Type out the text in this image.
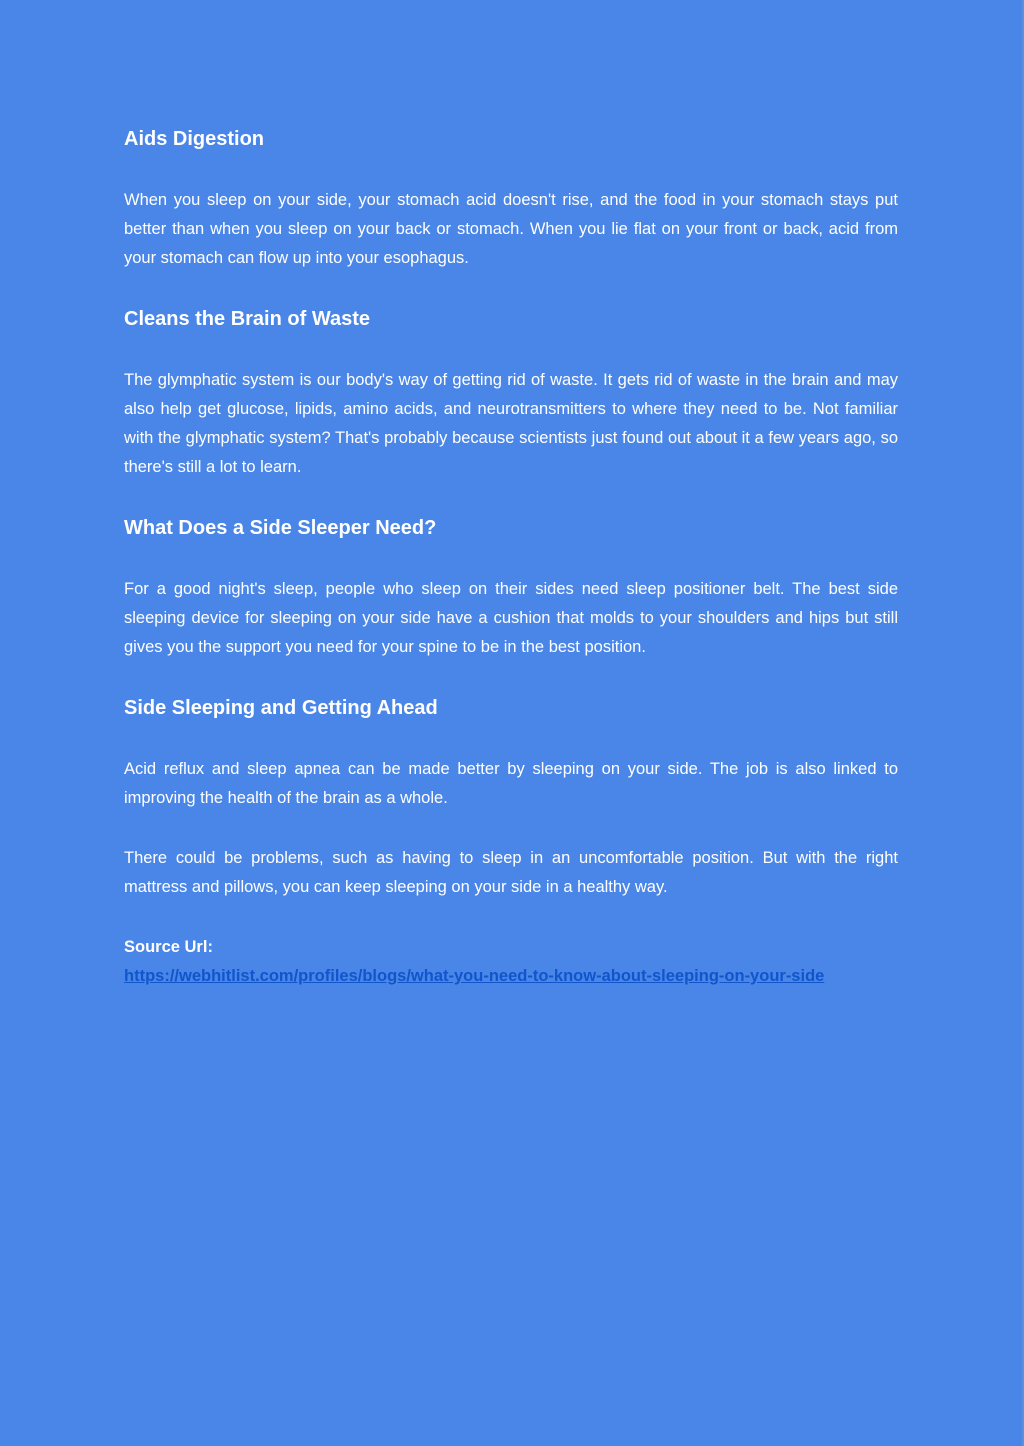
Aids Digestion

When you sleep on your side, your stomach acid doesn't rise, and the food in your stomach stays put better than when you sleep on your back or stomach. When you lie flat on your front or back, acid from your stomach can flow up into your esophagus.

Cleans the Brain of Waste

The glymphatic system is our body's way of getting rid of waste. It gets rid of waste in the brain and may also help get glucose, lipids, amino acids, and neurotransmitters to where they need to be. Not familiar with the glymphatic system? That's probably because scientists just found out about it a few years ago, so there's still a lot to learn.

What Does a Side Sleeper Need?

For a good night's sleep, people who sleep on their sides need sleep positioner belt. The best side sleeping device for sleeping on your side have a cushion that molds to your shoulders and hips but still gives you the support you need for your spine to be in the best position.

Side Sleeping and Getting Ahead

Acid reflux and sleep apnea can be made better by sleeping on your side. The job is also linked to improving the health of the brain as a whole.

There could be problems, such as having to sleep in an uncomfortable position. But with the right mattress and pillows, you can keep sleeping on your side in a healthy way.

Source Url:
https://webhitlist.com/profiles/blogs/what-you-need-to-know-about-sleeping-on-your-side
